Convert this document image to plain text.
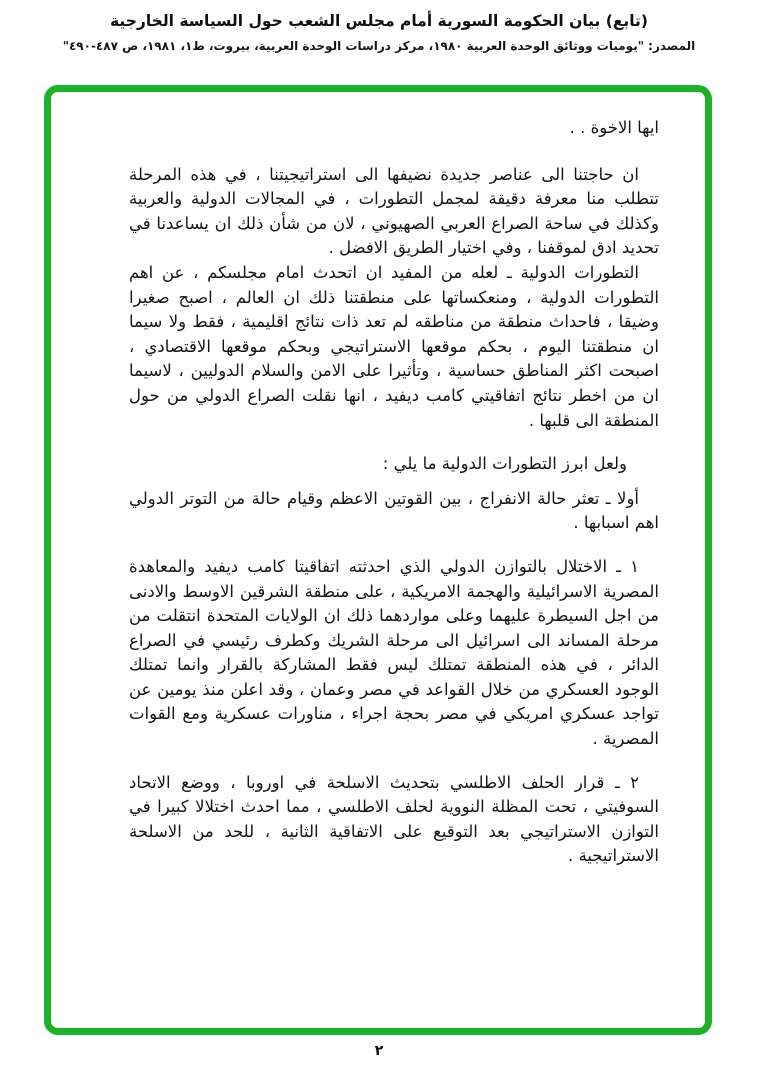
(تابع) بيان الحكومة السورية أمام مجلس الشعب حول السياسة الخارجية
المصدر: "يوميات ووثائق الوحدة العربية ١٩٨٠، مركز دراسات الوحدة العربية، بيروت، ط١، ١٩٨١، ص ٤٨٧-٤٩٠"
ايها الاخوة . .

ان حاجتنا الى عناصر جديدة نضيفها الى استراتيجيتنا ، في هذه المرحلة تتطلب منا معرفة دقيقة لمجمل التطورات ، في المجالات الدولية والعربية وكذلك في ساحة الصراع العربي الصهيوني ، لان من شأن ذلك ان يساعدنا في تحديد ادق لموقفنا ، وفي اختيار الطريق الافضل .

التطورات الدولية ـ لعله من المفيد ان اتحدث امام مجلسكم ، عن اهم التطورات الدولية ، ومنعكساتها على منطقتنا ذلك ان العالم ، اصبح صغيرا وضيقا ، فاحداث منطقة من مناطقه لم تعد ذات نتائج اقليمية ، فقط ولا سيما ان منطقتنا اليوم ، بحكم موقعها الاستراتيجي وبحكم موقعها الاقتصادي ، اصبحت اكثر المناطق حساسية ، وتأثيرا على الامن والسلام الدوليين ، لاسيما ان من اخطر نتائج اتفاقيتي كامب ديفيد ، انها نقلت الصراع الدولي من حول المنطقة الى قلبها .

ولعل ابرز التطورات الدولية ما يلي :

أولا ـ تعثر حالة الانفراج ، بين القوتين الاعظم وقيام حالة من التوتر الدولي اهم اسبابها .

١ ـ الاختلال بالتوازن الدولي الذي احدثته اتفاقيتا كامب ديفيد والمعاهدة المصرية الاسرائيلية والهجمة الامريكية ، على منطقة الشرقين الاوسط والادنى من اجل السيطرة عليهما وعلى مواردهما ذلك ان الولايات المتحدة انتقلت من مرحلة المساند الى اسرائيل الى مرحلة الشريك وكطرف رئيسي في الصراع الدائر ، في هذه المنطقة تمتلك ليس فقط المشاركة بالقرار وانما تمتلك الوجود العسكري من خلال القواعد في مصر وعمان ، وقد اعلن منذ يومين عن تواجد عسكري امريكي في مصر بحجة اجراء ، مناورات عسكرية ومع القوات المصرية .

٢ ـ قرار الحلف الاطلسي بتحديث الاسلحة في اوروبا ، ووضع الاتحاد السوفيتي ، تحت المظلة النووية لحلف الاطلسي ، مما احدث اختلالا كبيرا في التوازن الاستراتيجي بعد التوقيع على الاتفاقية الثانية ، للحد من الاسلحة الاستراتيجية .

٢
